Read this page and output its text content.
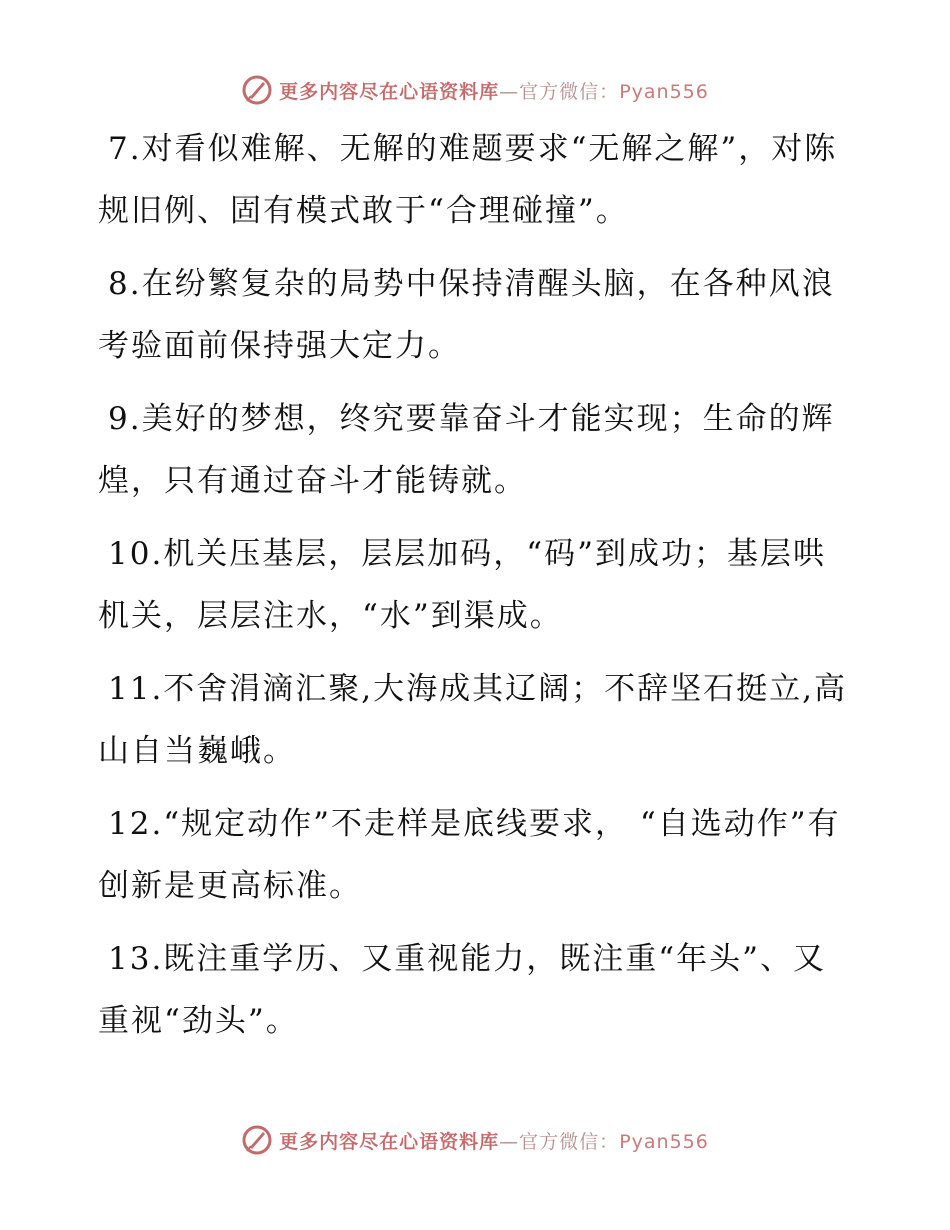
更多内容尽在心语资料库—官方微信：Pyan556

7.对看似难解、无解的难题要求“无解之解”，对陈规旧例、固有模式敢于“合理碰撞”。

8.在纷繁复杂的局势中保持清醒头脑，在各种风浪考验面前保持强大定力。

9.美好的梦想，终究要靠奋斗才能实现；生命的辉煌，只有通过奋斗才能铸就。

10.机关压基层，层层加码，“码”到成功；基层哄机关，层层注水，“水”到渠成。

11.不舍涓滴汇聚,大海成其辽阔；不辞坚石挺立,高山自当巍峨。

12.“规定动作”不走样是底线要求， “自选动作”有创新是更高标准。

13.既注重学历、又重视能力，既注重“年头”、又重视“劲头”。

更多内容尽在心语资料库—官方微信：Pyan556
